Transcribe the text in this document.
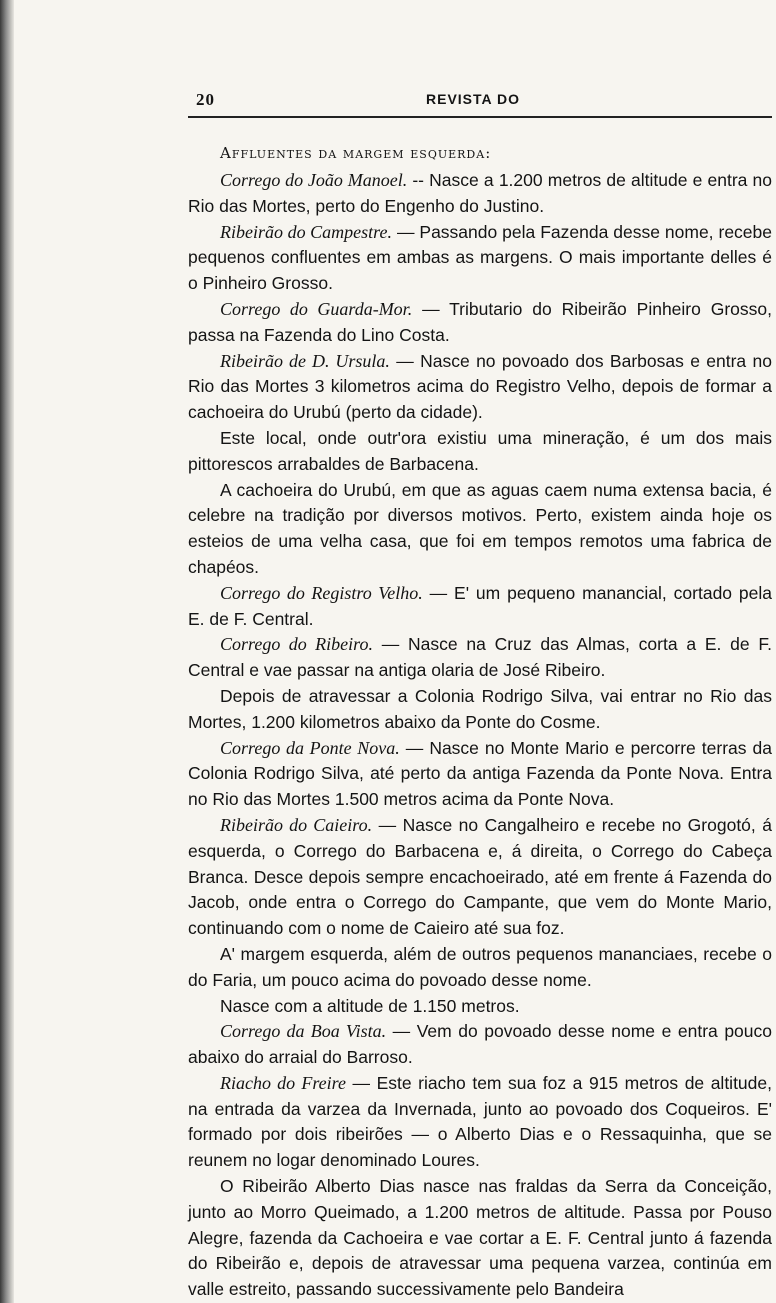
20	REVISTA DO
Affluentes da margem esquerda:

Corrego do João Manoel. -- Nasce a 1.200 metros de altitude e entra no Rio das Mortes, perto do Engenho do Justino.

Ribeirão do Campestre. — Passando pela Fazenda desse nome, recebe pequenos confluentes em ambas as margens. O mais importante delles é o Pinheiro Grosso.

Corrego do Guarda-Mor. — Tributario do Ribeirão Pinheiro Grosso, passa na Fazenda do Lino Costa.

Ribeirão de D. Ursula. — Nasce no povoado dos Barbosas e entra no Rio das Mortes 3 kilometros acima do Registro Velho, depois de formar a cachoeira do Urubú (perto da cidade).

Este local, onde outr'ora existiu uma mineração, é um dos mais pittorescos arrabaldes de Barbacena.

A cachoeira do Urubú, em que as aguas caem numa extensa bacia, é celebre na tradição por diversos motivos. Perto, existem ainda hoje os esteios de uma velha casa, que foi em tempos remotos uma fabrica de chapéos.

Corrego do Registro Velho. — E' um pequeno manancial, cortado pela E. de F. Central.

Corrego do Ribeiro. — Nasce na Cruz das Almas, corta a E. de F. Central e vae passar na antiga olaria de José Ribeiro.

Depois de atravessar a Colonia Rodrigo Silva, vai entrar no Rio das Mortes, 1.200 kilometros abaixo da Ponte do Cosme.

Corrego da Ponte Nova. — Nasce no Monte Mario e percorre terras da Colonia Rodrigo Silva, até perto da antiga Fazenda da Ponte Nova. Entra no Rio das Mortes 1.500 metros acima da Ponte Nova.

Ribeirão do Caieiro. — Nasce no Cangalheiro e recebe no Grogotó, á esquerda, o Corrego do Barbacena e, á direita, o Corrego do Cabeça Branca. Desce depois sempre encachoeirado, até em frente á Fazenda do Jacob, onde entra o Corrego do Campante, que vem do Monte Mario, continuando com o nome de Caieiro até sua foz.

A' margem esquerda, além de outros pequenos mananciaes, recebe o do Faria, um pouco acima do povoado desse nome.

Nasce com a altitude de 1.150 metros.

Corrego da Boa Vista. — Vem do povoado desse nome e entra pouco abaixo do arraial do Barroso.

Riacho do Freire — Este riacho tem sua foz a 915 metros de altitude, na entrada da varzea da Invernada, junto ao povoado dos Coqueiros. E' formado por dois ribeirões — o Alberto Dias e o Ressaquinha, que se reunem no logar denominado Loures.

O Ribeirão Alberto Dias nasce nas fraldas da Serra da Conceição, junto ao Morro Queimado, a 1.200 metros de altitude. Passa por Pouso Alegre, fazenda da Cachoeira e vae cortar a E. F. Central junto á fazenda do Ribeirão e, depois de atravessar uma pequena varzea, continúa em valle estreito, passando successivamente pelo Bandeira
